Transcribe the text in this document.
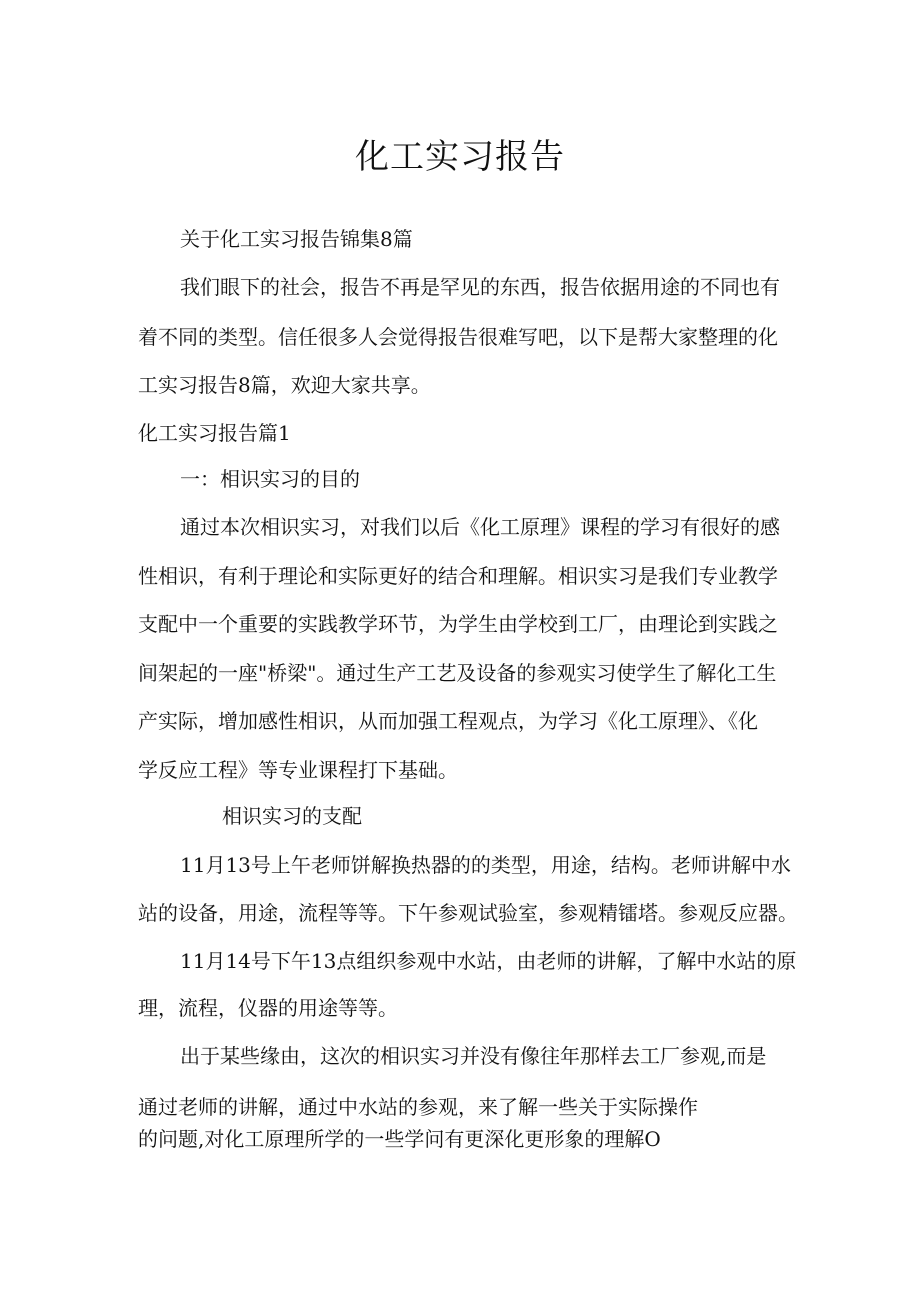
化工实习报告
关于化工实习报告锦集8篇
我们眼下的社会，报告不再是罕见的东西，报告依据用途的不同也有
着不同的类型。信任很多人会觉得报告很难写吧，以下是帮大家整理的化
工实习报告8篇，欢迎大家共享。
化工实习报告篇1
一：相识实习的目的
通过本次相识实习，对我们以后《化工原理》课程的学习有很好的感
性相识，有利于理论和实际更好的结合和理解。相识实习是我们专业教学
支配中一个重要的实践教学环节，为学生由学校到工厂，由理论到实践之
间架起的一座"桥梁"。通过生产工艺及设备的参观实习使学生了解化工生
产实际，增加感性相识，从而加强工程观点，为学习《化工原理》、《化
学反应工程》等专业课程打下基础。
相识实习的支配
11月13号上午老师饼解换热器的的类型，用途，结构。老师讲解中水
站的设备，用途，流程等等。下午参观试验室，参观精镭塔。参观反应器。
11月14号下午13点组织参观中水站，由老师的讲解，了解中水站的原
理，流程，仪器的用途等等。
出于某些缘由，这次的相识实习并没有像往年那样去工厂参观,而是
通过老师的讲解，通过中水站的参观，来了解一些关于实际操作
的问题,对化工原理所学的一些学问有更深化更形象的理解O
